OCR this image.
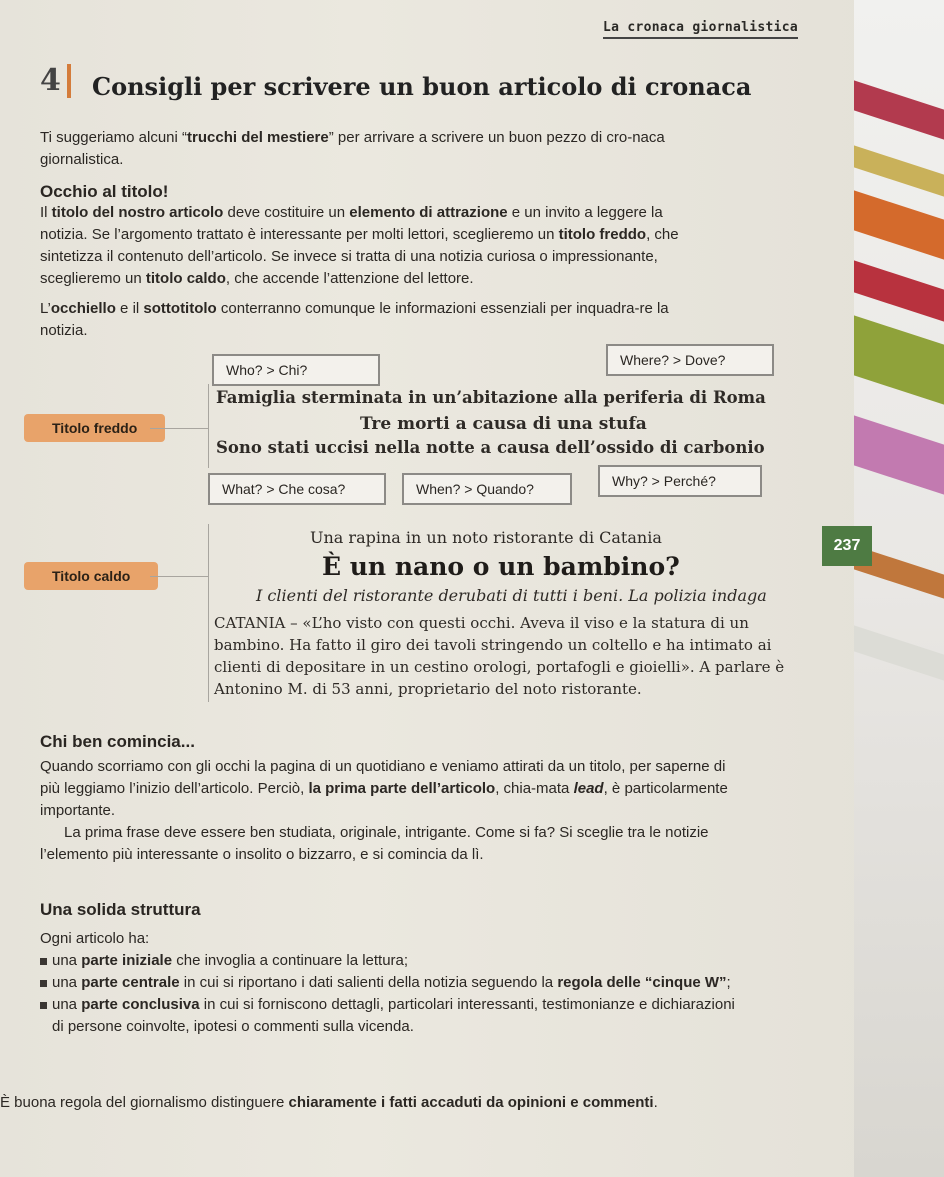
La cronaca giornalistica
4	Consigli per scrivere un buon articolo di cronaca
Ti suggeriamo alcuni “trucchi del mestiere” per arrivare a scrivere un buon pezzo di cro-naca giornalistica.
Occhio al titolo!
Il titolo del nostro articolo deve costituire un elemento di attrazione e un invito a leggere la notizia. Se l’argomento trattato è interessante per molti lettori, sceglieremo un titolo freddo, che sintetizza il contenuto dell’articolo. Se invece si tratta di una notizia curiosa o impressionante, sceglieremo un titolo caldo, che accende l’attenzione del lettore.
L’occhiello e il sottotitolo conterranno comunque le informazioni essenziali per inquadra-re la notizia.
Who? > Chi?
Where? > Dove?
Titolo freddo
Famiglia sterminata in un’abitazione alla periferia di Roma
Tre morti a causa di una stufa
Sono stati uccisi nella notte a causa dell’ossido di carbonio
What? > Che cosa?	When? > Quando?	Why? > Perché?
Titolo caldo
Una rapina in un noto ristorante di Catania
È un nano o un bambino?
I clienti del ristorante derubati di tutti i beni. La polizia indaga
CATANIA – «L’ho visto con questi occhi. Aveva il viso e la statura di un bambino. Ha fatto il giro dei tavoli stringendo un coltello e ha intimato ai clienti di depositare in un cestino orologi, portafogli e gioielli». A parlare è Antonino M. di 53 anni, proprietario del noto ristorante.
237
Chi ben comincia...
Quando scorriamo con gli occhi la pagina di un quotidiano e veniamo attirati da un titolo, per saperne di più leggiamo l’inizio dell’articolo. Perciò, la prima parte dell’articolo, chia-mata lead, è particolarmente importante.
La prima frase deve essere ben studiata, originale, intrigante. Come si fa? Si sceglie tra le notizie l’elemento più interessante o insolito o bizzarro, e si comincia da lì.
Una solida struttura
Ogni articolo ha:
una parte iniziale che invoglia a continuare la lettura;
una parte centrale in cui si riportano i dati salienti della notizia seguendo la regola delle “cinque W”;
una parte conclusiva in cui si forniscono dettagli, particolari interessanti, testimonianze e dichiarazioni di persone coinvolte, ipotesi o commenti sulla vicenda.
È buona regola del giornalismo distinguere chiaramente i fatti accaduti da opinioni e commenti.
